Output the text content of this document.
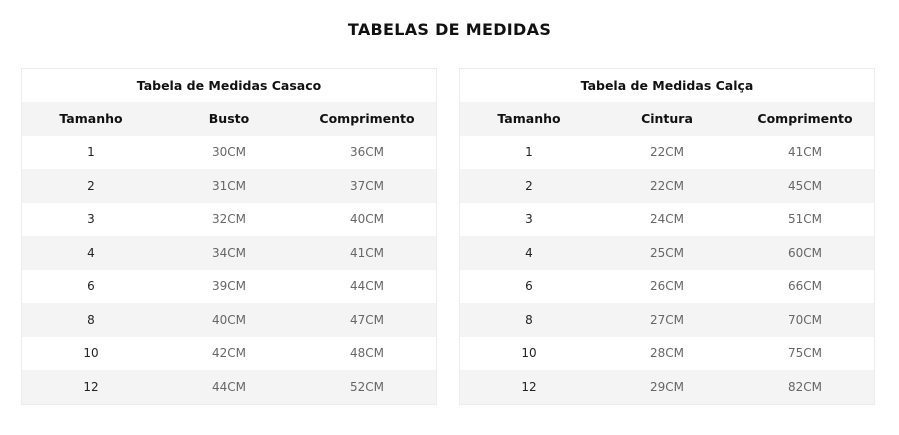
TABELAS DE MEDIDAS
Tabela de Medidas Casaco
Tamanho	Busto	Comprimento
1	30CM	36CM
2	31CM	37CM
3	32CM	40CM
4	34CM	41CM
6	39CM	44CM
8	40CM	47CM
10	42CM	48CM
12	44CM	52CM
Tabela de Medidas Calça
Tamanho	Cintura	Comprimento
1	22CM	41CM
2	22CM	45CM
3	24CM	51CM
4	25CM	60CM
6	26CM	66CM
8	27CM	70CM
10	28CM	75CM
12	29CM	82CM
